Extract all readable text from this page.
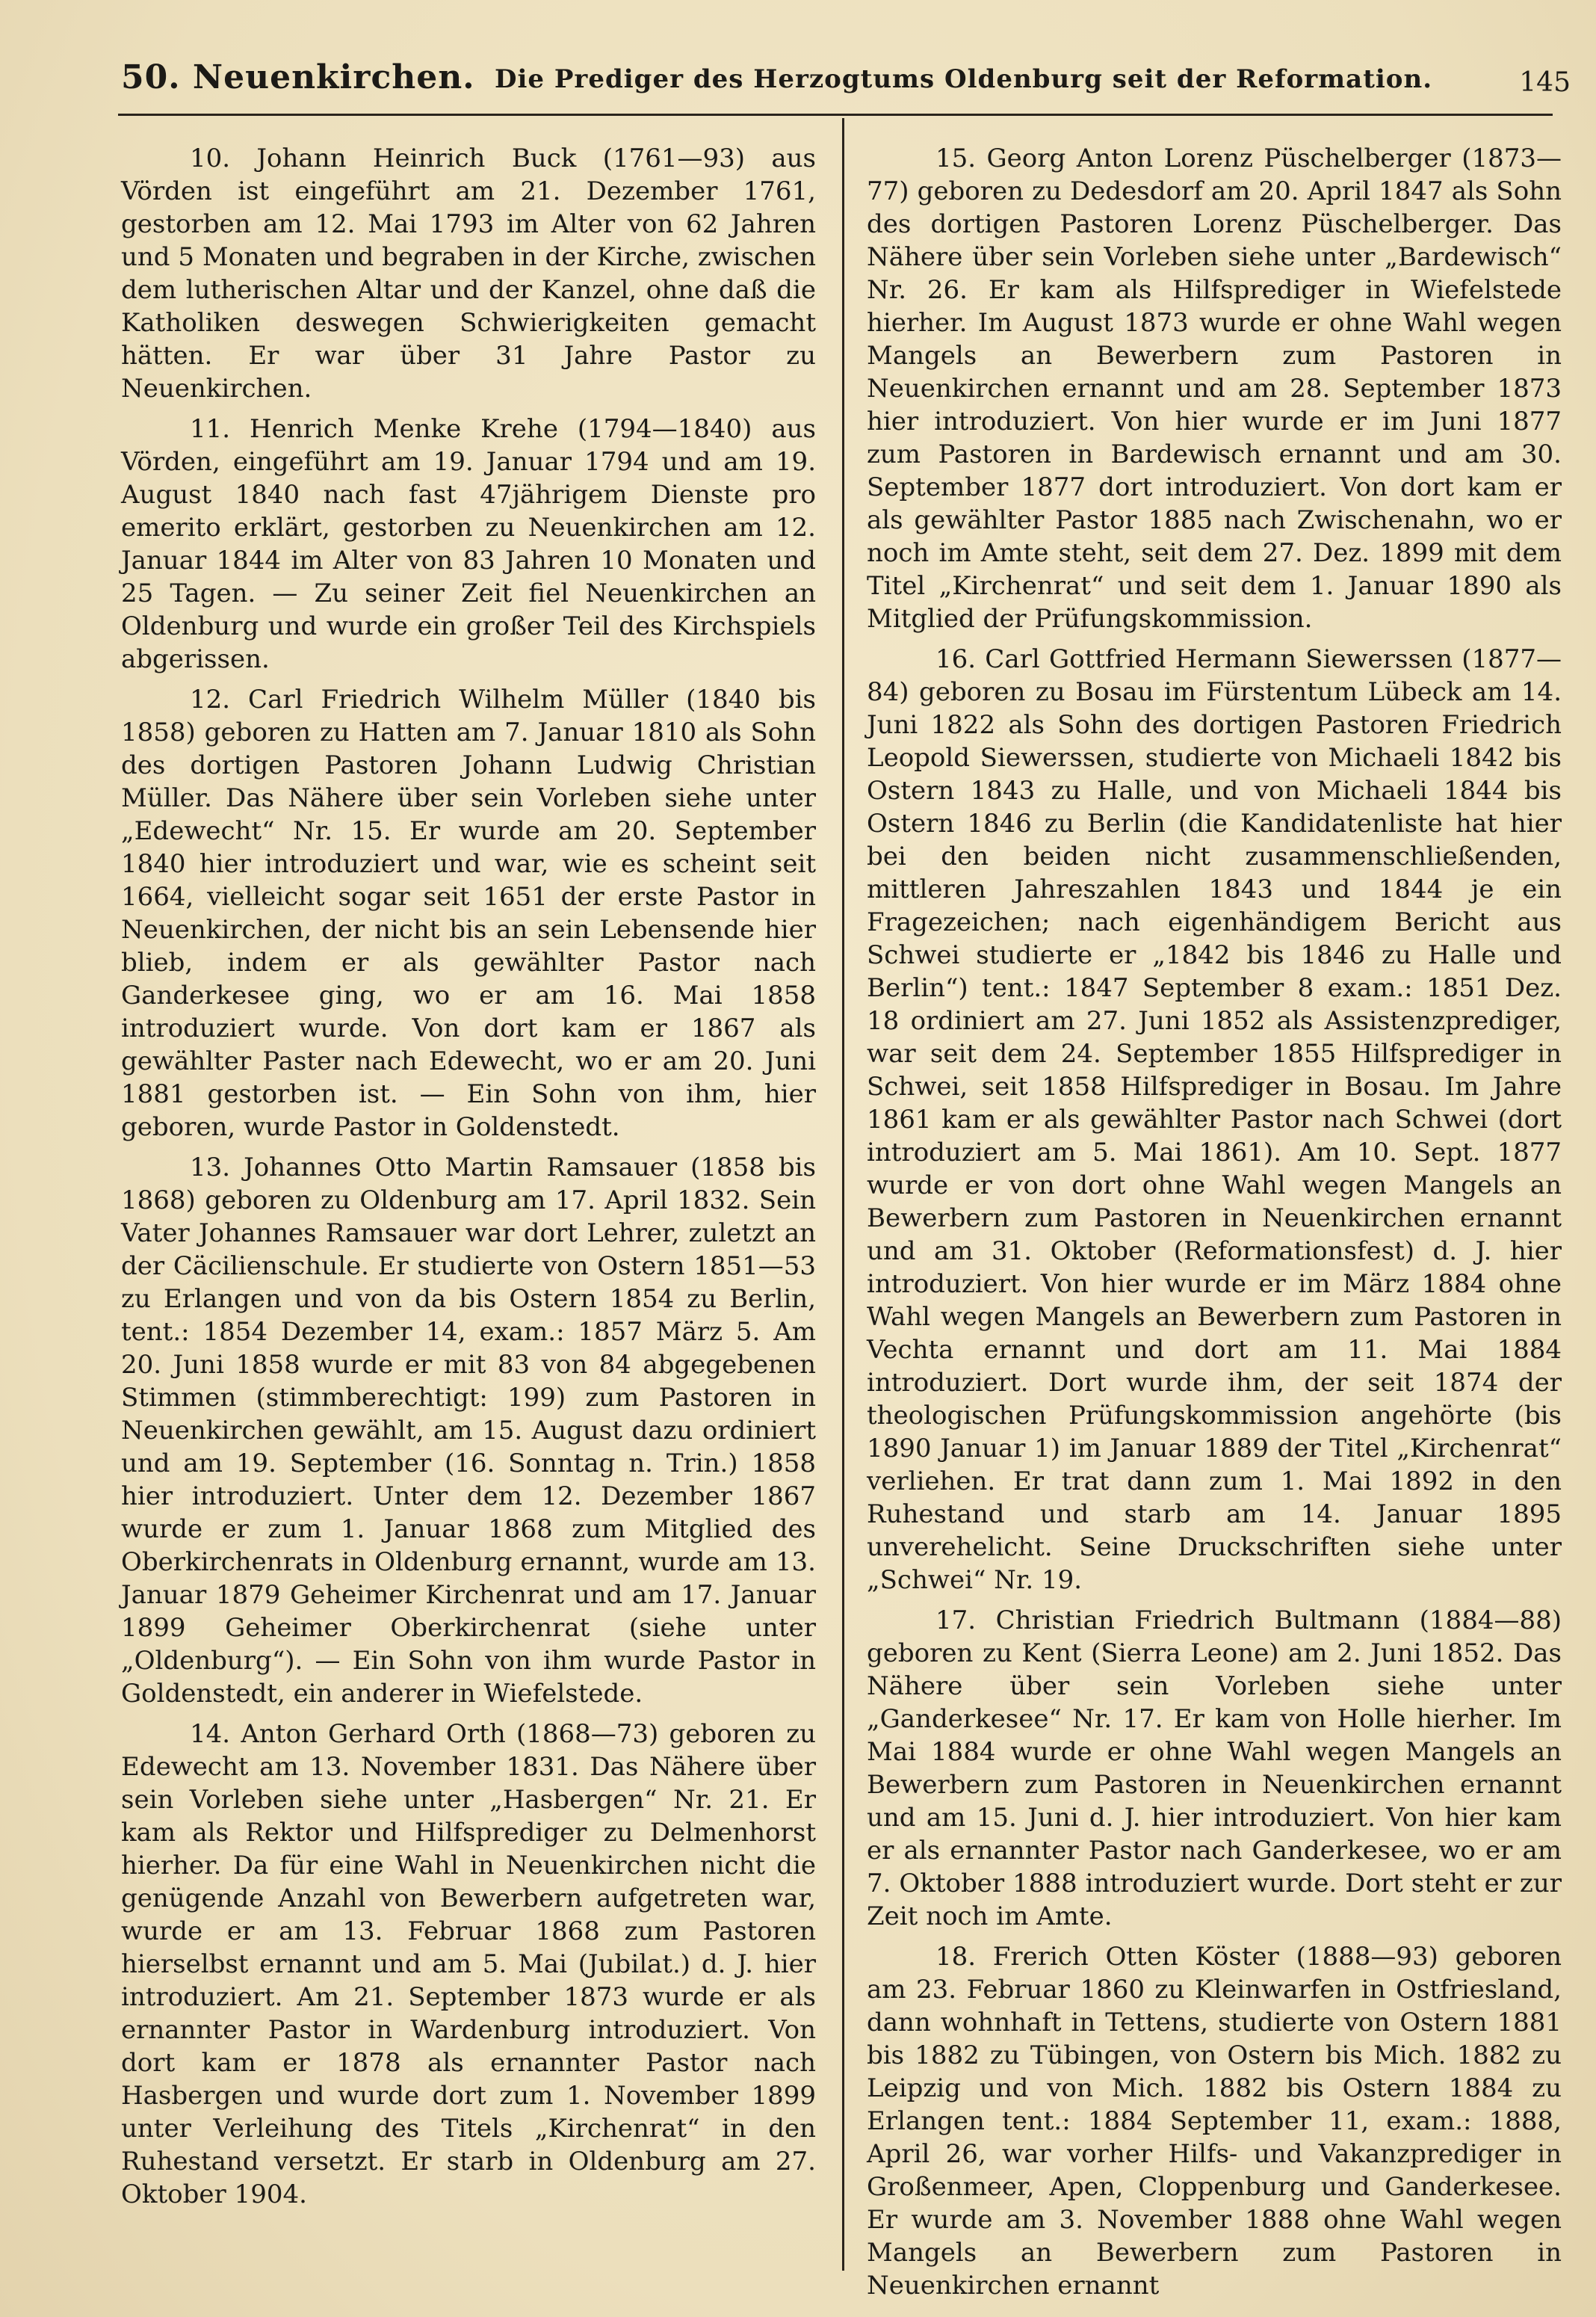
50. Neuenkirchen. Die Prediger des Herzogtums Oldenburg seit der Reformation.	145

10. Johann Heinrich Buck (1761—93) aus Vörden ist eingeführt am 21. Dezember 1761, gestorben am 12. Mai 1793 im Alter von 62 Jahren und 5 Monaten und begraben in der Kirche, zwischen dem lutherischen Altar und der Kanzel, ohne daß die Katholiken deswegen Schwierigkeiten gemacht hätten. Er war über 31 Jahre Pastor zu Neuenkirchen.

11. Henrich Menke Krehe (1794—1840) aus Vörden, eingeführt am 19. Januar 1794 und am 19. August 1840 nach fast 47jährigem Dienste pro emerito erklärt, gestorben zu Neuenkirchen am 12. Januar 1844 im Alter von 83 Jahren 10 Monaten und 25 Tagen. — Zu seiner Zeit fiel Neuenkirchen an Oldenburg und wurde ein großer Teil des Kirchspiels abgerissen.

12. Carl Friedrich Wilhelm Müller (1840 bis 1858) geboren zu Hatten am 7. Januar 1810 als Sohn des dortigen Pastoren Johann Ludwig Christian Müller. Das Nähere über sein Vorleben siehe unter „Edewecht“ Nr. 15. Er wurde am 20. September 1840 hier introduziert und war, wie es scheint seit 1664, vielleicht sogar seit 1651 der erste Pastor in Neuenkirchen, der nicht bis an sein Lebensende hier blieb, indem er als gewählter Pastor nach Ganderkesee ging, wo er am 16. Mai 1858 introduziert wurde. Von dort kam er 1867 als gewählter Paster nach Edewecht, wo er am 20. Juni 1881 gestorben ist. — Ein Sohn von ihm, hier geboren, wurde Pastor in Goldenstedt.

13. Johannes Otto Martin Ramsauer (1858 bis 1868) geboren zu Oldenburg am 17. April 1832. Sein Vater Johannes Ramsauer war dort Lehrer, zuletzt an der Cäcilienschule. Er studierte von Ostern 1851—53 zu Erlangen und von da bis Ostern 1854 zu Berlin, tent.: 1854 Dezember 14, exam.: 1857 März 5. Am 20. Juni 1858 wurde er mit 83 von 84 abgegebenen Stimmen (stimmberechtigt: 199) zum Pastoren in Neuenkirchen gewählt, am 15. August dazu ordiniert und am 19. September (16. Sonntag n. Trin.) 1858 hier introduziert. Unter dem 12. Dezember 1867 wurde er zum 1. Januar 1868 zum Mitglied des Oberkirchenrats in Oldenburg ernannt, wurde am 13. Januar 1879 Geheimer Kirchenrat und am 17. Januar 1899 Geheimer Oberkirchenrat (siehe unter „Oldenburg“). — Ein Sohn von ihm wurde Pastor in Goldenstedt, ein anderer in Wiefelstede.

14. Anton Gerhard Orth (1868—73) geboren zu Edewecht am 13. November 1831. Das Nähere über sein Vorleben siehe unter „Hasbergen“ Nr. 21. Er kam als Rektor und Hilfsprediger zu Delmenhorst hierher. Da für eine Wahl in Neuenkirchen nicht die genügende Anzahl von Bewerbern aufgetreten war, wurde er am 13. Februar 1868 zum Pastoren hierselbst ernannt und am 5. Mai (Jubilat.) d. J. hier introduziert. Am 21. September 1873 wurde er als ernannter Pastor in Wardenburg introduziert. Von dort kam er 1878 als ernannter Pastor nach Hasbergen und wurde dort zum 1. November 1899 unter Verleihung des Titels „Kirchenrat“ in den Ruhestand versetzt. Er starb in Oldenburg am 27. Oktober 1904.

15. Georg Anton Lorenz Püschelberger (1873—77) geboren zu Dedesdorf am 20. April 1847 als Sohn des dortigen Pastoren Lorenz Püschelberger. Das Nähere über sein Vorleben siehe unter „Bardewisch“ Nr. 26. Er kam als Hilfsprediger in Wiefelstede hierher. Im August 1873 wurde er ohne Wahl wegen Mangels an Bewerbern zum Pastoren in Neuenkirchen ernannt und am 28. September 1873 hier introduziert. Von hier wurde er im Juni 1877 zum Pastoren in Bardewisch ernannt und am 30. September 1877 dort introduziert. Von dort kam er als gewählter Pastor 1885 nach Zwischenahn, wo er noch im Amte steht, seit dem 27. Dez. 1899 mit dem Titel „Kirchenrat“ und seit dem 1. Januar 1890 als Mitglied der Prüfungskommission.

16. Carl Gottfried Hermann Siewerssen (1877—84) geboren zu Bosau im Fürstentum Lübeck am 14. Juni 1822 als Sohn des dortigen Pastoren Friedrich Leopold Siewerssen, studierte von Michaeli 1842 bis Ostern 1843 zu Halle, und von Michaeli 1844 bis Ostern 1846 zu Berlin (die Kandidatenliste hat hier bei den beiden nicht zusammenschließenden, mittleren Jahreszahlen 1843 und 1844 je ein Fragezeichen; nach eigenhändigem Bericht aus Schwei studierte er „1842 bis 1846 zu Halle und Berlin“) tent.: 1847 September 8 exam.: 1851 Dez. 18 ordiniert am 27. Juni 1852 als Assistenzprediger, war seit dem 24. September 1855 Hilfsprediger in Schwei, seit 1858 Hilfsprediger in Bosau. Im Jahre 1861 kam er als gewählter Pastor nach Schwei (dort introduziert am 5. Mai 1861). Am 10. Sept. 1877 wurde er von dort ohne Wahl wegen Mangels an Bewerbern zum Pastoren in Neuenkirchen ernannt und am 31. Oktober (Reformationsfest) d. J. hier introduziert. Von hier wurde er im März 1884 ohne Wahl wegen Mangels an Bewerbern zum Pastoren in Vechta ernannt und dort am 11. Mai 1884 introduziert. Dort wurde ihm, der seit 1874 der theologischen Prüfungskommission angehörte (bis 1890 Januar 1) im Januar 1889 der Titel „Kirchenrat“ verliehen. Er trat dann zum 1. Mai 1892 in den Ruhestand und starb am 14. Januar 1895 unverehelicht. Seine Druckschriften siehe unter „Schwei“ Nr. 19.

17. Christian Friedrich Bultmann (1884—88) geboren zu Kent (Sierra Leone) am 2. Juni 1852. Das Nähere über sein Vorleben siehe unter „Ganderkesee“ Nr. 17. Er kam von Holle hierher. Im Mai 1884 wurde er ohne Wahl wegen Mangels an Bewerbern zum Pastoren in Neuenkirchen ernannt und am 15. Juni d. J. hier introduziert. Von hier kam er als ernannter Pastor nach Ganderkesee, wo er am 7. Oktober 1888 introduziert wurde. Dort steht er zur Zeit noch im Amte.

18. Frerich Otten Köster (1888—93) geboren am 23. Februar 1860 zu Kleinwarfen in Ostfriesland, dann wohnhaft in Tettens, studierte von Ostern 1881 bis 1882 zu Tübingen, von Ostern bis Mich. 1882 zu Leipzig und von Mich. 1882 bis Ostern 1884 zu Erlangen tent.: 1884 September 11, exam.: 1888, April 26, war vorher Hilfs- und Vakanzprediger in Großenmeer, Apen, Cloppenburg und Ganderkesee. Er wurde am 3. November 1888 ohne Wahl wegen Mangels an Bewerbern zum Pastoren in Neuenkirchen ernannt
